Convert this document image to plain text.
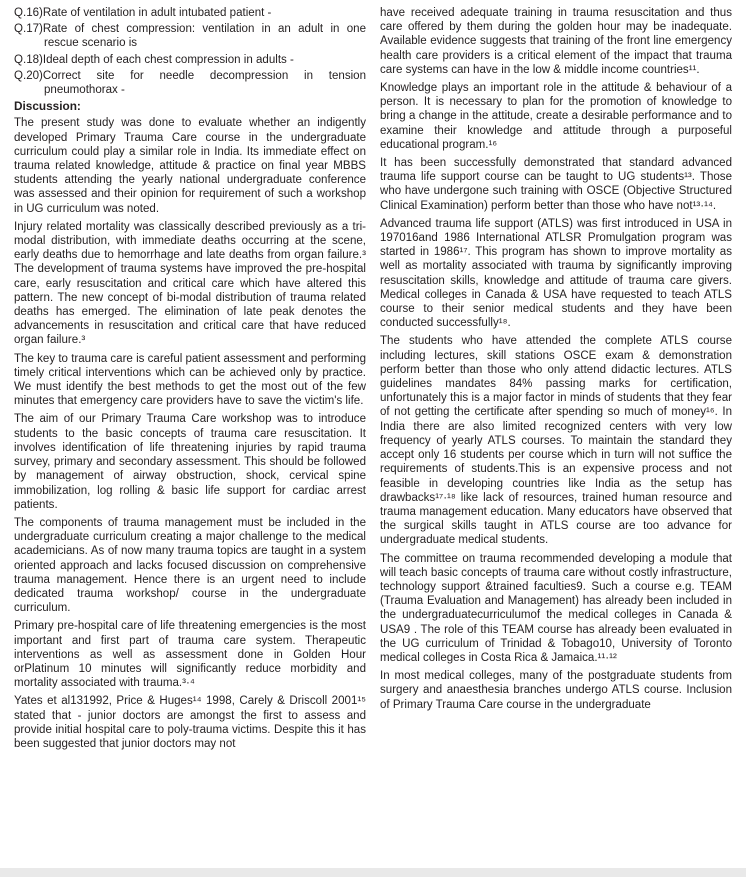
Q.16)Rate of ventilation in adult intubated patient -
Q.17)Rate of chest compression: ventilation in an adult in one rescue scenario is
Q.18)Ideal depth of each chest compression in adults -
Q.20)Correct site for needle decompression in tension pneumothorax -
Discussion:

The present study was done to evaluate whether an indigently developed Primary Trauma Care course in the undergraduate curriculum could play a similar role in India. Its immediate effect on trauma related knowledge, attitude & practice on final year MBBS students attending the yearly national undergraduate conference was assessed and their opinion for requirement of such a workshop in UG curriculum was noted.

Injury related mortality was classically described previously as a tri-modal distribution, with immediate deaths occurring at the scene, early deaths due to hemorrhage and late deaths from organ failure.³ The development of trauma systems have improved the pre-hospital care, early resuscitation and critical care which have altered this pattern. The new concept of bi-modal distribution of trauma related deaths has emerged. The elimination of late peak denotes the advancements in resuscitation and critical care that have reduced organ failure.³

The key to trauma care is careful patient assessment and performing timely critical interventions which can be achieved only by practice. We must identify the best methods to get the most out of the few minutes that emergency care providers have to save the victim's life.

The aim of our Primary Trauma Care workshop was to introduce students to the basic concepts of trauma care resuscitation. It involves identification of life threatening injuries by rapid trauma survey, primary and secondary assessment. This should be followed by management of airway obstruction, shock, cervical spine immobilization, log rolling & basic life support for cardiac arrest patients.

The components of trauma management must be included in the undergraduate curriculum creating a major challenge to the medical academicians. As of now many trauma topics are taught in a system oriented approach and lacks focused discussion on comprehensive trauma management. Hence there is an urgent need to include dedicated trauma workshop/ course in the undergraduate curriculum.

Primary pre-hospital care of life threatening emergencies is the most important and first part of trauma care system. Therapeutic interventions as well as assessment done in Golden Hour orPlatinum 10 minutes will significantly reduce morbidity and mortality associated with trauma.³·⁴

Yates et al131992, Price & Huges¹⁴ 1998, Carely & Driscoll 2001¹⁵ stated that - junior doctors are amongst the first to assess and provide initial hospital care to poly-trauma victims. Despite this it has been suggested that junior doctors may not

have received adequate training in trauma resuscitation and thus care offered by them during the golden hour may be inadequate. Available evidence suggests that training of the front line emergency health care providers is a critical element of the impact that trauma care systems can have in the low & middle income countries¹¹.

Knowledge plays an important role in the attitude & behaviour of a person. It is necessary to plan for the promotion of knowledge to bring a change in the attitude, create a desirable performance and to examine their knowledge and attitude through a purposeful educational program.¹⁶

It has been successfully demonstrated that standard advanced trauma life support course can be taught to UG students¹³. Those who have undergone such training with OSCE (Objective Structured Clinical Examination) perform better than those who have not¹³·¹⁴.

Advanced trauma life support (ATLS) was first introduced in USA in 197016and 1986 International ATLSR Promulgation program was started in 1986¹⁷. This program has shown to improve mortality as well as mortality associated with trauma by significantly improving resuscitation skills, knowledge and attitude of trauma care givers. Medical colleges in Canada & USA have requested to teach ATLS course to their senior medical students and they have been conducted successfully¹⁸.

The students who have attended the complete ATLS course including lectures, skill stations OSCE exam & demonstration perform better than those who only attend didactic lectures. ATLS guidelines mandates 84% passing marks for certification, unfortunately this is a major factor in minds of students that they fear of not getting the certificate after spending so much of money¹⁶. In India there are also limited recognized centers with very low frequency of yearly ATLS courses. To maintain the standard they accept only 16 students per course which in turn will not suffice the requirements of students.This is an expensive process and not feasible in developing countries like India as the setup has drawbacks¹⁷·¹⁸ like lack of resources, trained human resource and trauma management education. Many educators have observed that the surgical skills taught in ATLS course are too advance for undergraduate medical students.

The committee on trauma recommended developing a module that will teach basic concepts of trauma care without costly infrastructure, technology support &trained faculties9. Such a course e.g. TEAM (Trauma Evaluation and Management) has already been included in the undergraduatecurriculumof the medical colleges in Canada & USA9 . The role of this TEAM course has already been evaluated in the UG curriculum of Trinidad & Tobago10, University of Toronto medical colleges in Costa Rica & Jamaica.¹¹·¹²

In most medical colleges, many of the postgraduate students from surgery and anaesthesia branches undergo ATLS course. Inclusion of Primary Trauma Care course in the undergraduate
